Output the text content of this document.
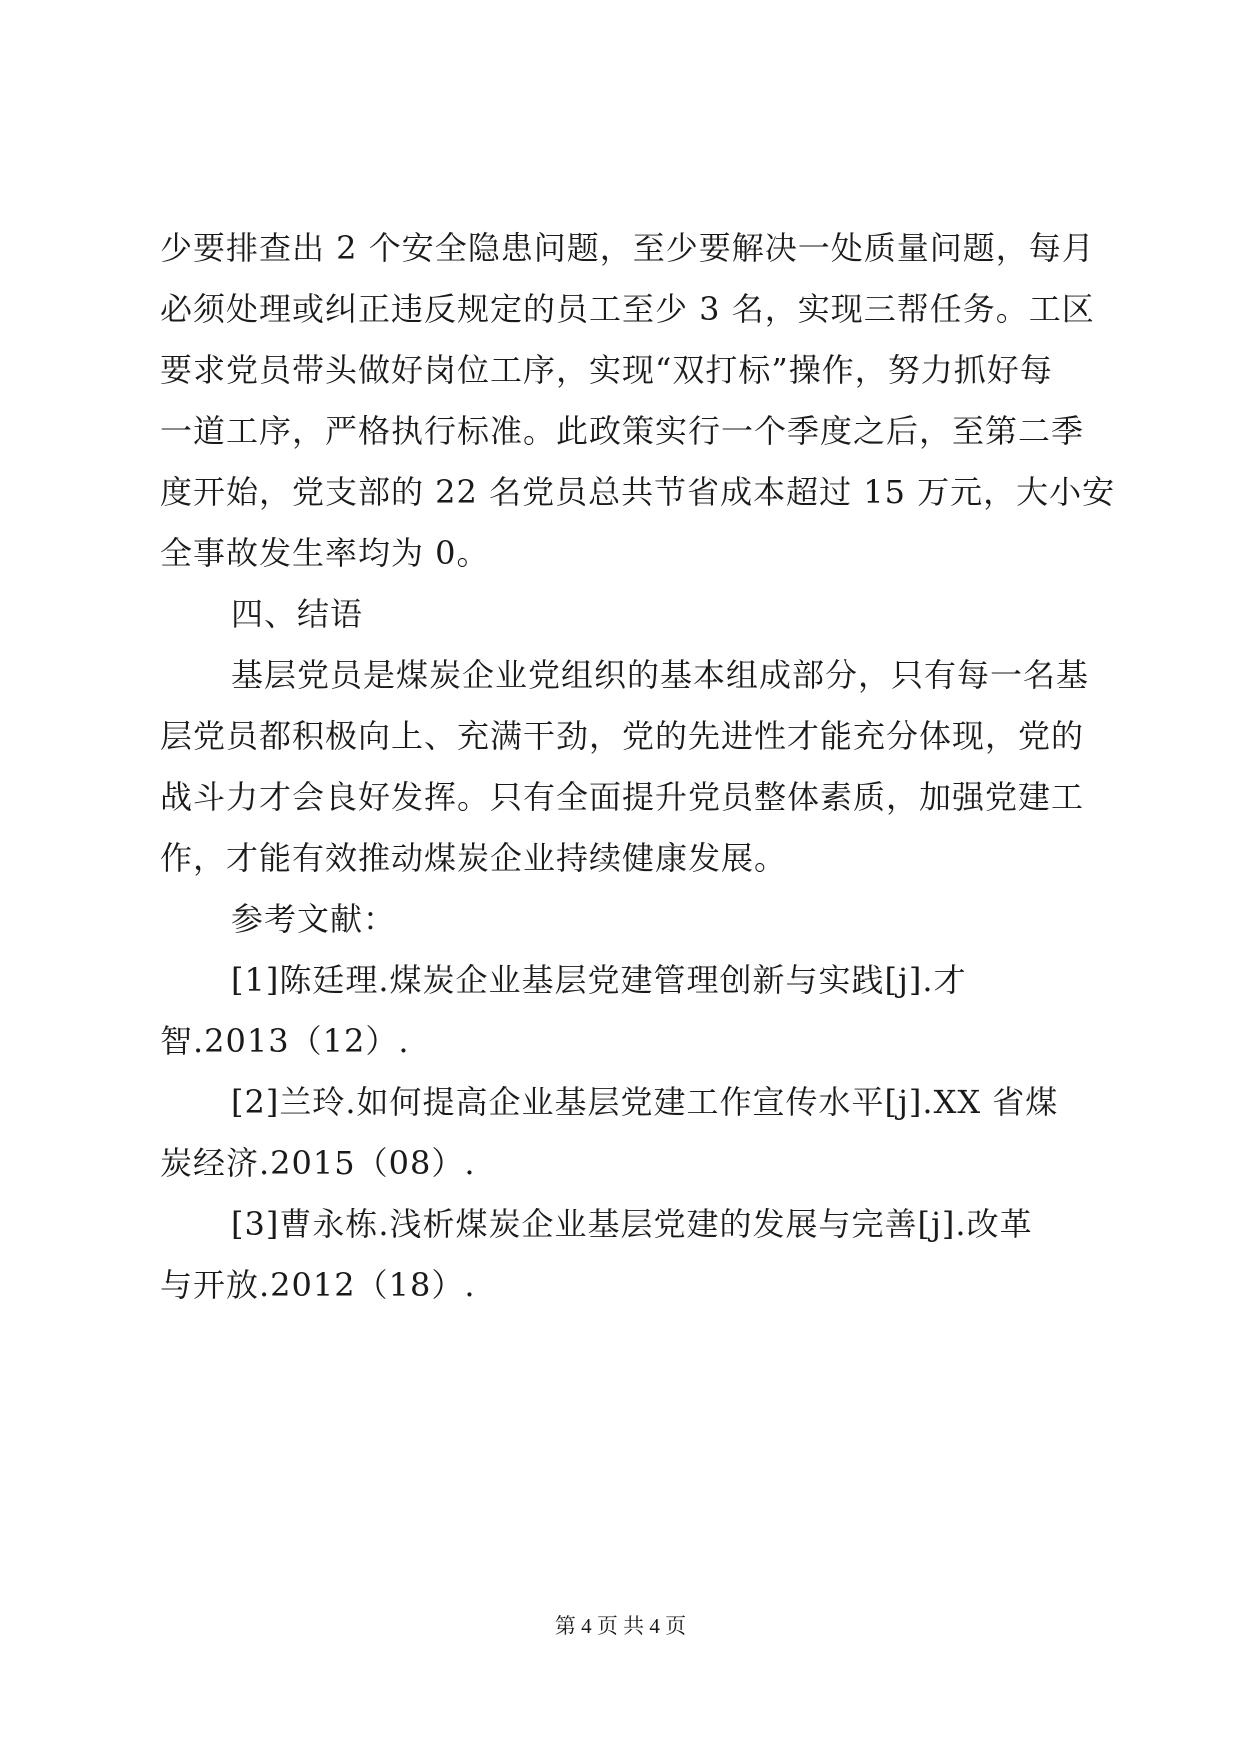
少要排查出 2 个安全隐患问题，至少要解决一处质量问题，每月
必须处理或纠正违反规定的员工至少 3 名，实现三帮任务。工区
要求党员带头做好岗位工序，实现“双打标”操作，努力抓好每
一道工序，严格执行标准。此政策实行一个季度之后，至第二季
度开始，党支部的 22 名党员总共节省成本超过 15 万元，大小安
全事故发生率均为 0。
四、结语
基层党员是煤炭企业党组织的基本组成部分，只有每一名基
层党员都积极向上、充满干劲，党的先进性才能充分体现，党的
战斗力才会良好发挥。只有全面提升党员整体素质，加强党建工
作，才能有效推动煤炭企业持续健康发展。
参考文献：
[1]陈廷理.煤炭企业基层党建管理创新与实践[j].才
智.2013（12）.
[2]兰玲.如何提高企业基层党建工作宣传水平[j].XX 省煤
炭经济.2015（08）.
[3]曹永栋.浅析煤炭企业基层党建的发展与完善[j].改革
与开放.2012（18）.
第 4 页 共 4 页
